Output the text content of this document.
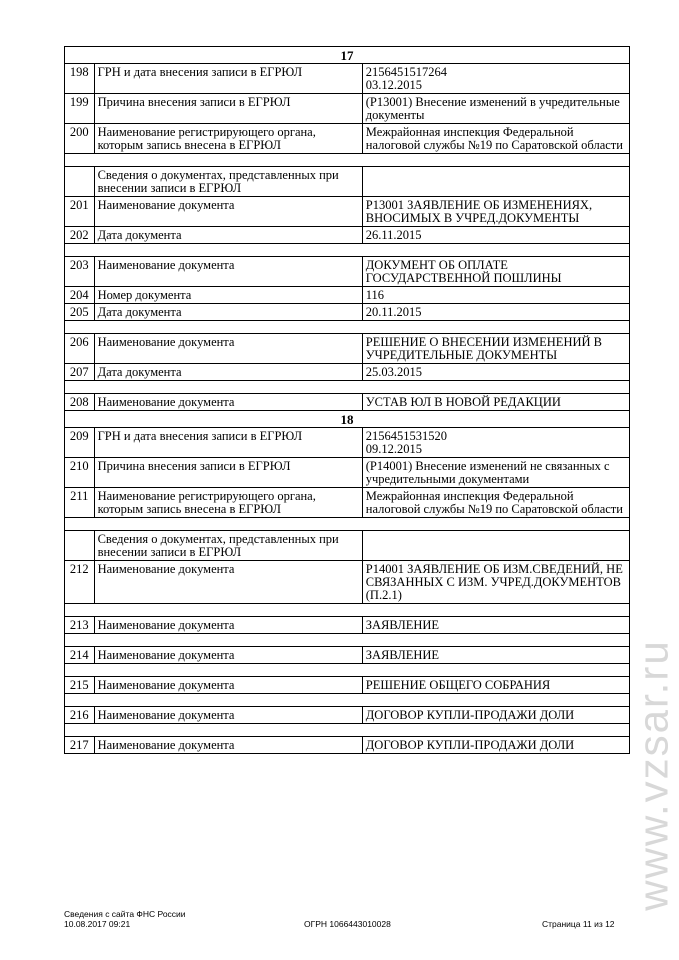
17		
198	ГРН и дата внесения записи в ЕГРЮЛ	2156451517264
03.12.2015
199	Причина внесения записи в ЕГРЮЛ	(Р13001) Внесение изменений в учредительные документы
200	Наименование регистрирующего органа, которым запись внесена в ЕГРЮЛ	Межрайонная инспекция Федеральной налоговой службы №19 по Саратовской области

	Сведения о документах, представленных при внесении записи в ЕГРЮЛ	
201	Наименование документа	Р13001 ЗАЯВЛЕНИЕ ОБ ИЗМЕНЕНИЯХ, ВНОСИМЫХ В УЧРЕД.ДОКУМЕНТЫ
202	Дата документа	26.11.2015

203	Наименование документа	ДОКУМЕНТ ОБ ОПЛАТЕ ГОСУДАРСТВЕННОЙ ПОШЛИНЫ
204	Номер документа	116
205	Дата документа	20.11.2015

206	Наименование документа	РЕШЕНИЕ О ВНЕСЕНИИ ИЗМЕНЕНИЙ В УЧРЕДИТЕЛЬНЫЕ ДОКУМЕНТЫ
207	Дата документа	25.03.2015

208	Наименование документа	УСТАВ ЮЛ В НОВОЙ РЕДАКЦИИ
18		
209	ГРН и дата внесения записи в ЕГРЮЛ	2156451531520
09.12.2015
210	Причина внесения записи в ЕГРЮЛ	(Р14001) Внесение изменений не связанных с учредительными документами
211	Наименование регистрирующего органа, которым запись внесена в ЕГРЮЛ	Межрайонная инспекция Федеральной налоговой службы №19 по Саратовской области

	Сведения о документах, представленных при внесении записи в ЕГРЮЛ	
212	Наименование документа	Р14001 ЗАЯВЛЕНИЕ ОБ ИЗМ.СВЕДЕНИЙ, НЕ СВЯЗАННЫХ С ИЗМ. УЧРЕД.ДОКУМЕНТОВ (П.2.1)

213	Наименование документа	ЗАЯВЛЕНИЕ

214	Наименование документа	ЗАЯВЛЕНИЕ

215	Наименование документа	РЕШЕНИЕ ОБЩЕГО СОБРАНИЯ

216	Наименование документа	ДОГОВОР КУПЛИ-ПРОДАЖИ ДОЛИ

217	Наименование документа	ДОГОВОР КУПЛИ-ПРОДАЖИ ДОЛИ www.vzsar.ru
Сведения с сайта ФНС России
10.08.2017 09:21	ОГРН 1066443010028	Страница 11 из 12
